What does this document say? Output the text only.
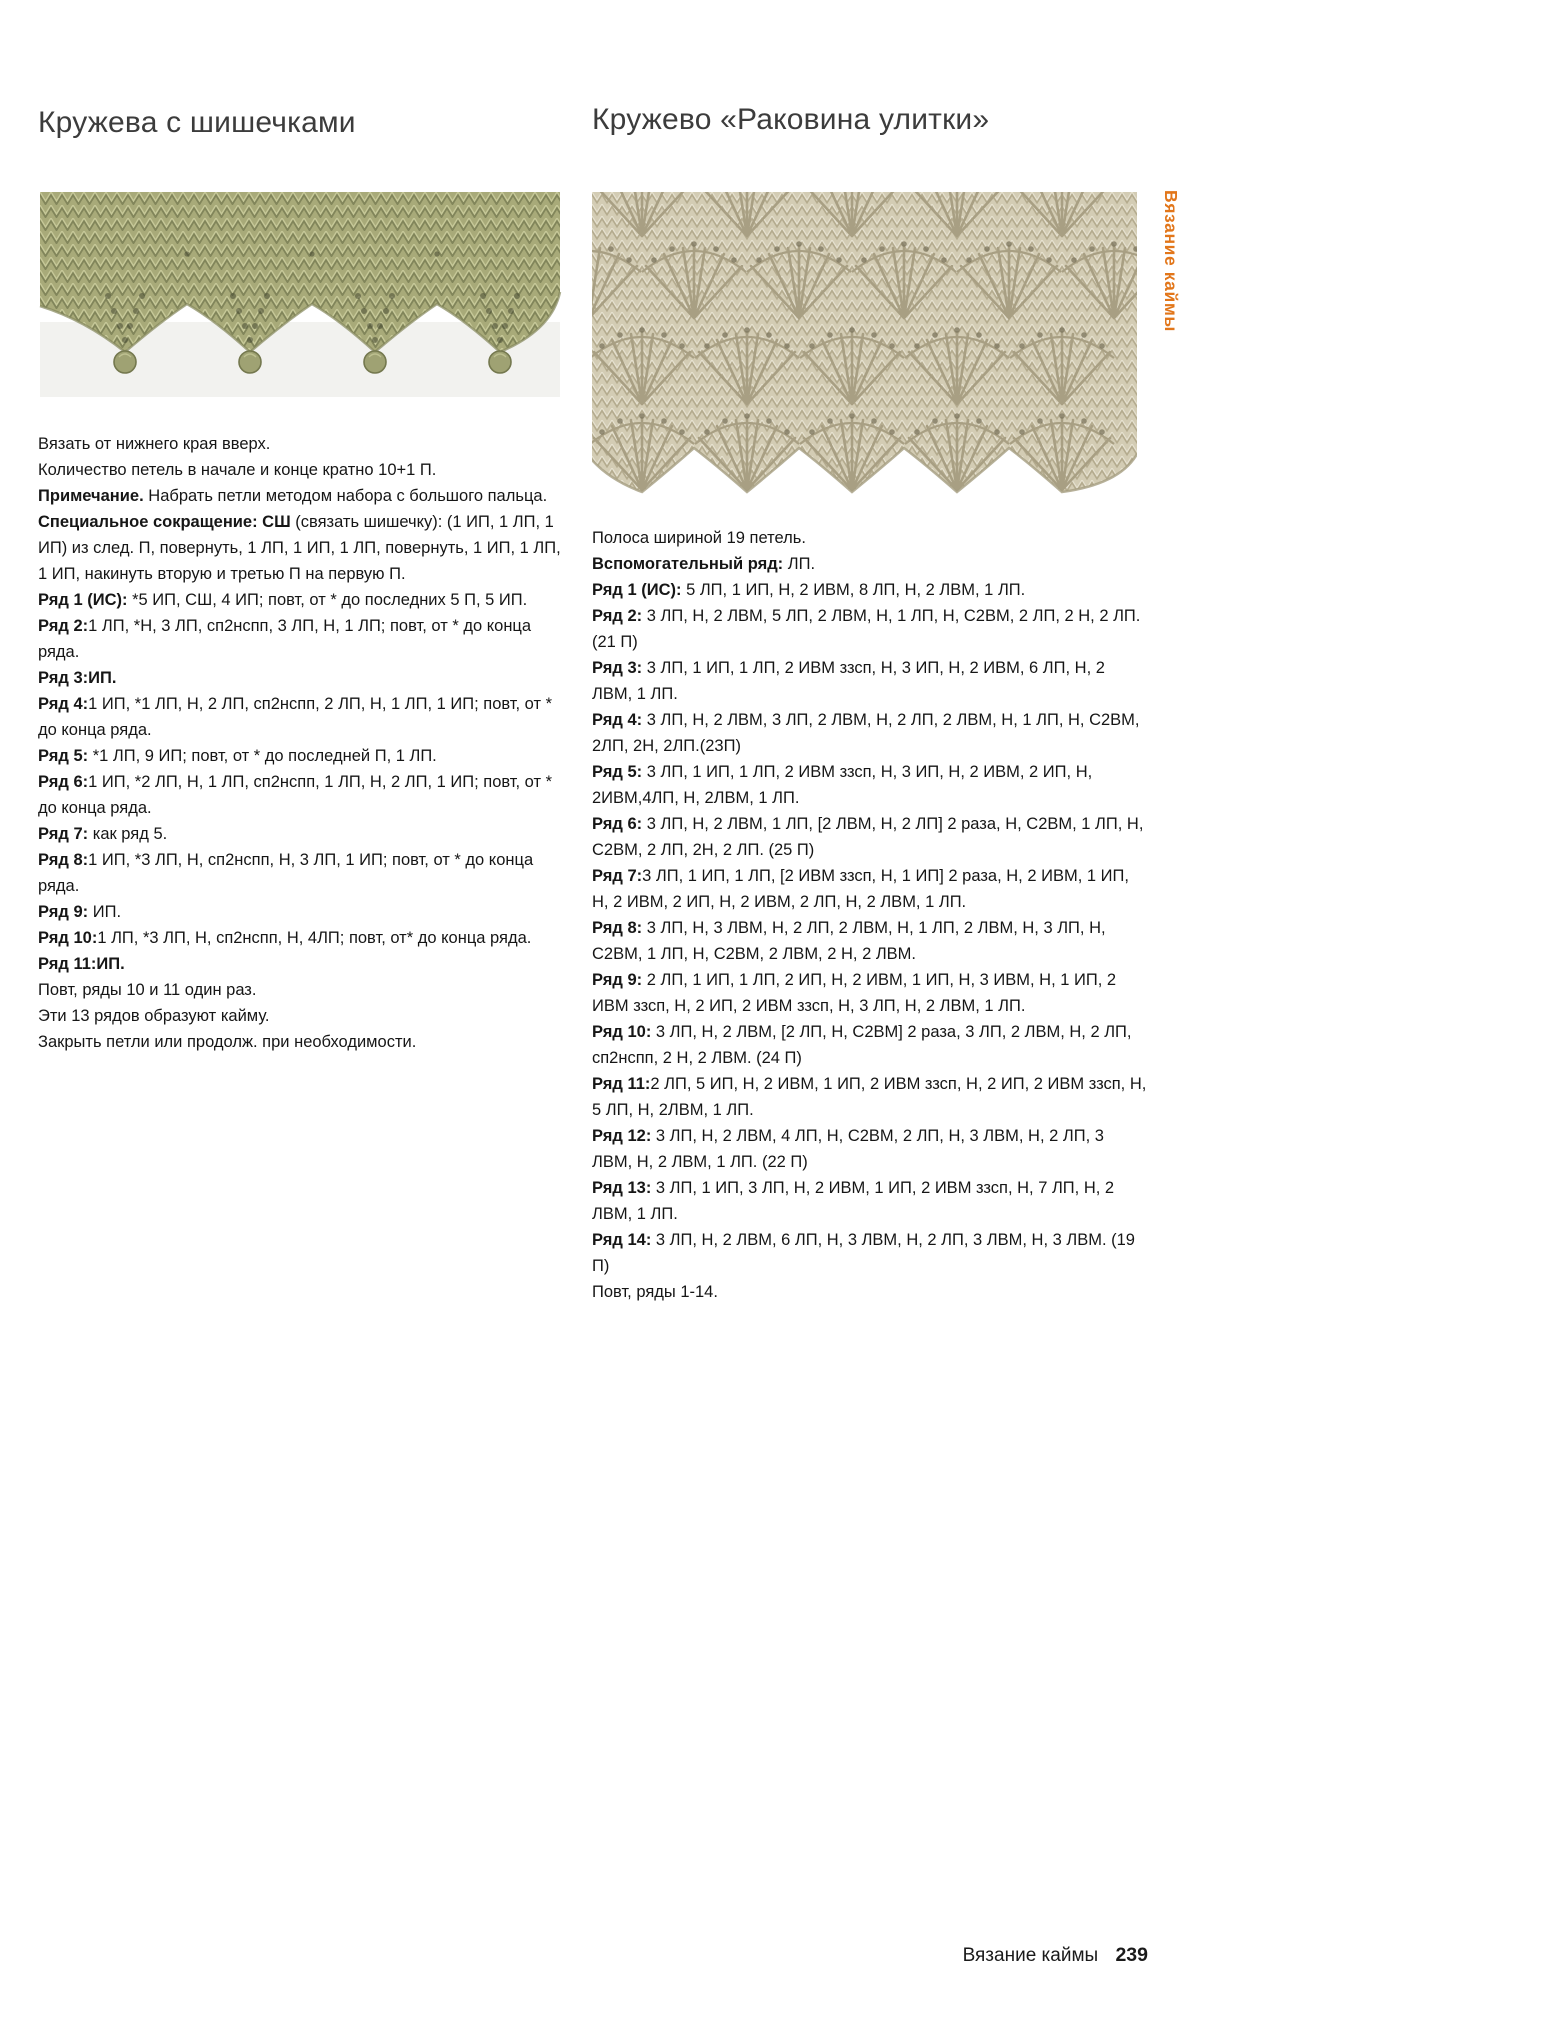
Вязание каймы
Кружева с шишечками

Вязать от нижнего края вверх.

Количество петель в начале и конце кратно 10+1 П.

Примечание. Набрать петли методом набора с большого пальца.

Специальное сокращение: СШ (связать шишечку): (1 ИП, 1 ЛП, 1 ИП) из след. П, повернуть, 1 ЛП, 1 ИП, 1 ЛП, повернуть, 1 ИП, 1 ЛП, 1 ИП, накинуть вторую и третью П на первую П.

Ряд 1 (ИС): *5 ИП, СШ, 4 ИП; повт, от * до последних 5 П, 5 ИП.

Ряд 2:1 ЛП, *Н, 3 ЛП, сп2нспп, 3 ЛП, Н, 1 ЛП; повт, от * до конца ряда.

Ряд 3:ИП.

Ряд 4:1 ИП, *1 ЛП, Н, 2 ЛП, сп2нспп, 2 ЛП, Н, 1 ЛП, 1 ИП; повт, от * до конца ряда.

Ряд 5: *1 ЛП, 9 ИП; повт, от * до последней П, 1 ЛП.

Ряд 6:1 ИП, *2 ЛП, Н, 1 ЛП, сп2нспп, 1 ЛП, Н, 2 ЛП, 1 ИП; повт, от * до конца ряда.

Ряд 7: как ряд 5.

Ряд 8:1 ИП, *3 ЛП, Н, сп2нспп, Н, 3 ЛП, 1 ИП; повт, от * до конца ряда.

Ряд 9: ИП.

Ряд 10:1 ЛП, *3 ЛП, Н, сп2нспп, Н, 4ЛП; повт, от* до конца ряда.

Ряд 11:ИП.

Повт, ряды 10 и 11 один раз.

Эти 13 рядов образуют кайму.

Закрыть петли или продолж. при необходимости.

Кружево «Раковина улитки»

Полоса шириной 19 петель.

Вспомогательный ряд: ЛП.

Ряд 1 (ИС): 5 ЛП, 1 ИП, Н, 2 ИВМ, 8 ЛП, Н, 2 ЛВМ, 1 ЛП.

Ряд 2: 3 ЛП, Н, 2 ЛВМ, 5 ЛП, 2 ЛВМ, Н, 1 ЛП, Н, С2ВМ, 2 ЛП, 2 Н, 2 ЛП. (21 П)

Ряд 3: 3 ЛП, 1 ИП, 1 ЛП, 2 ИВМ ззсп, Н, 3 ИП, Н, 2 ИВМ, 6 ЛП, Н, 2 ЛВМ, 1 ЛП.

Ряд 4: 3 ЛП, Н, 2 ЛВМ, 3 ЛП, 2 ЛВМ, Н, 2 ЛП, 2 ЛВМ, Н, 1 ЛП, Н, С2ВМ, 2ЛП, 2Н, 2ЛП.(23П)

Ряд 5: 3 ЛП, 1 ИП, 1 ЛП, 2 ИВМ ззсп, Н, 3 ИП, Н, 2 ИВМ, 2 ИП, Н, 2ИВМ,4ЛП, Н, 2ЛВМ, 1 ЛП.

Ряд 6: 3 ЛП, Н, 2 ЛВМ, 1 ЛП, [2 ЛВМ, Н, 2 ЛП] 2 раза, Н, С2ВМ, 1 ЛП, Н, С2ВМ, 2 ЛП, 2Н, 2 ЛП. (25 П)

Ряд 7:3 ЛП, 1 ИП, 1 ЛП, [2 ИВМ ззсп, Н, 1 ИП] 2 раза, Н, 2 ИВМ, 1 ИП, Н, 2 ИВМ, 2 ИП, Н, 2 ИВМ, 2 ЛП, Н, 2 ЛВМ, 1 ЛП.

Ряд 8: 3 ЛП, Н, 3 ЛВМ, Н, 2 ЛП, 2 ЛВМ, Н, 1 ЛП, 2 ЛВМ, Н, 3 ЛП, Н, С2ВМ, 1 ЛП, Н, С2ВМ, 2 ЛВМ, 2 Н, 2 ЛВМ.

Ряд 9: 2 ЛП, 1 ИП, 1 ЛП, 2 ИП, Н, 2 ИВМ, 1 ИП, Н, 3 ИВМ, Н, 1 ИП, 2 ИВМ ззсп, Н, 2 ИП, 2 ИВМ ззсп, Н, 3 ЛП, Н, 2 ЛВМ, 1 ЛП.

Ряд 10: 3 ЛП, Н, 2 ЛВМ, [2 ЛП, Н, С2ВМ] 2 раза, 3 ЛП, 2 ЛВМ, Н, 2 ЛП, сп2нспп, 2 Н, 2 ЛВМ. (24 П)

Ряд 11:2 ЛП, 5 ИП, Н, 2 ИВМ, 1 ИП, 2 ИВМ ззсп, Н, 2 ИП, 2 ИВМ ззсп, Н, 5 ЛП, Н, 2ЛВМ, 1 ЛП.

Ряд 12: 3 ЛП, Н, 2 ЛВМ, 4 ЛП, Н, С2ВМ, 2 ЛП, Н, 3 ЛВМ, Н, 2 ЛП, 3 ЛВМ, Н, 2 ЛВМ, 1 ЛП. (22 П)

Ряд 13: 3 ЛП, 1 ИП, 3 ЛП, Н, 2 ИВМ, 1 ИП, 2 ИВМ ззсп, Н, 7 ЛП, Н, 2 ЛВМ, 1 ЛП.

Ряд 14: 3 ЛП, Н, 2 ЛВМ, 6 ЛП, Н, 3 ЛВМ, Н, 2 ЛП, 3 ЛВМ, Н, 3 ЛВМ. (19 П)

Повт, ряды 1-14.

Вязание каймы 239
